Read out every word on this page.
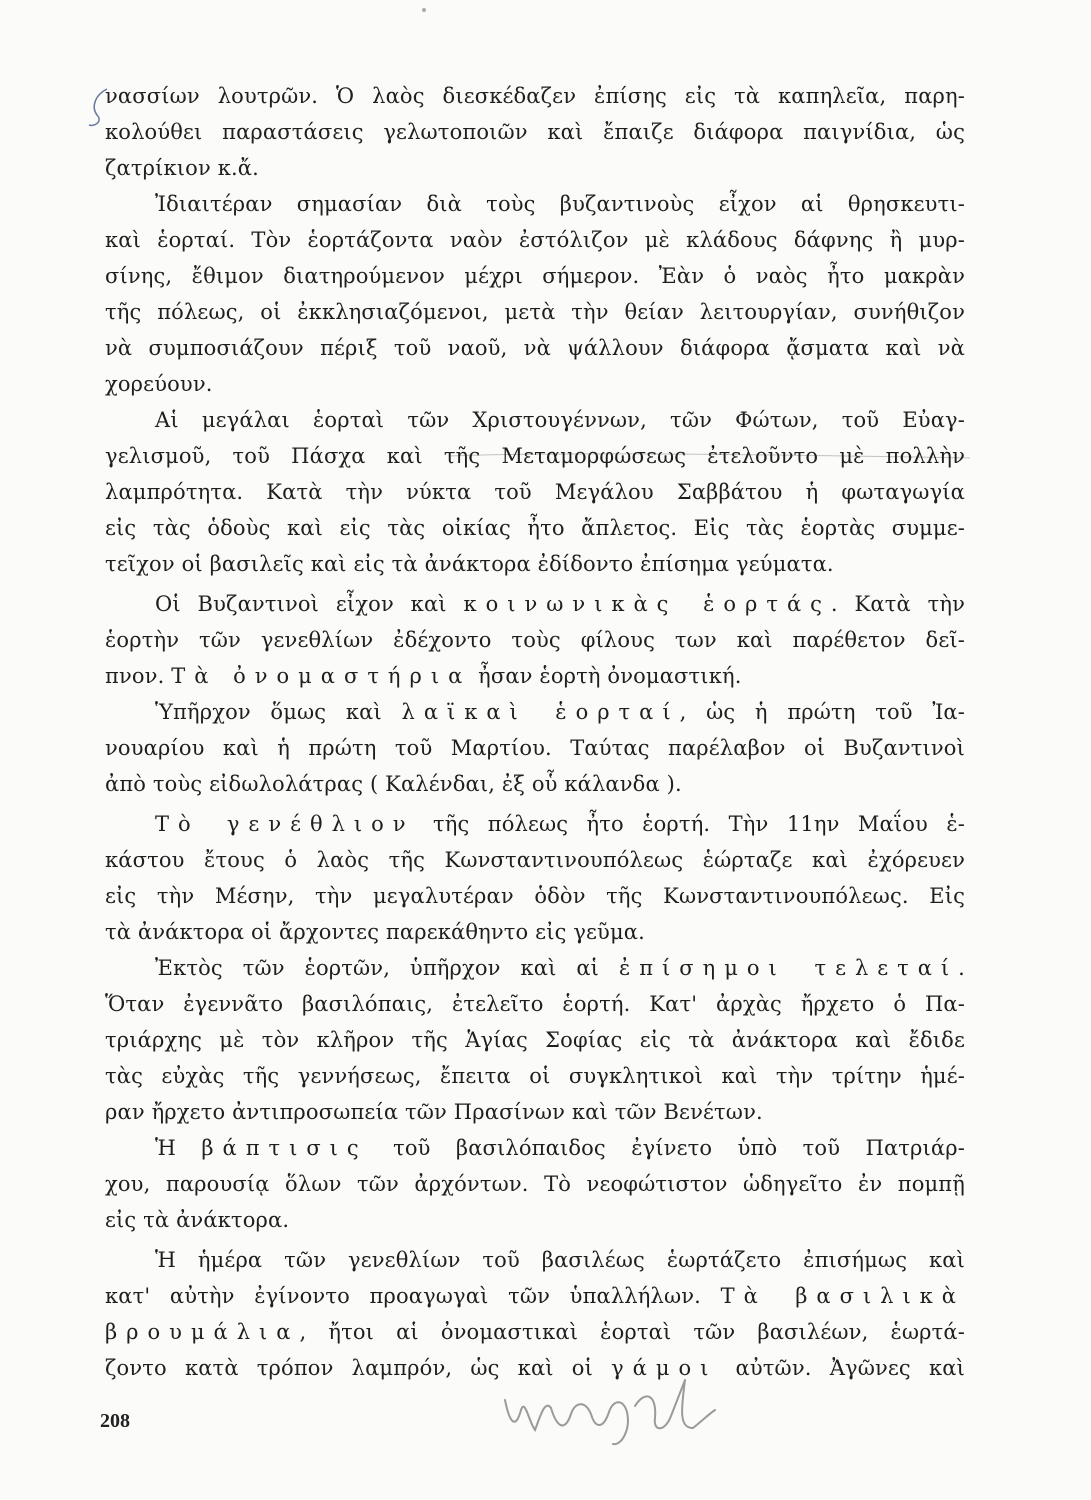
νασσίων λουτρῶν. Ὁ λαὸς διεσκέδαζεν ἐπίσης εἰς τὰ καπηλεῖα, παρη-
κολούθει παραστάσεις γελωτοποιῶν καὶ ἔπαιζε διάφορα παιγνίδια, ὡς
ζατρίκιον κ.ἄ.
Ἰδιαιτέραν σημασίαν διὰ τοὺς βυζαντινοὺς εἶχον αἱ θρησκευτι-
καὶ ἑορταί. Τὸν ἑορτάζοντα ναὸν ἐστόλιζον μὲ κλάδους δάφνης ἢ μυρ-
σίνης, ἔθιμον διατηρούμενον μέχρι σήμερον. Ἐὰν ὁ ναὸς ἦτο μακρὰν
τῆς πόλεως, οἱ ἐκκλησιαζόμενοι, μετὰ τὴν θείαν λειτουργίαν, συνήθιζον
νὰ συμποσιάζουν πέριξ τοῦ ναοῦ, νὰ ψάλλουν διάφορα ᾄσματα καὶ νὰ
χορεύουν.
Αἱ μεγάλαι ἑορταὶ τῶν Χριστουγέννων, τῶν Φώτων, τοῦ Εὐαγ-
γελισμοῦ, τοῦ Πάσχα καὶ τῆς Μεταμορφώσεως ἐτελοῦντο μὲ πολλὴν
λαμπρότητα. Κατὰ τὴν νύκτα τοῦ Μεγάλου Σαββάτου ἡ φωταγωγία
εἰς τὰς ὁδοὺς καὶ εἰς τὰς οἰκίας ἦτο ἄπλετος. Εἰς τὰς ἑορτὰς συμμε-
τεῖχον οἱ βασιλεῖς καὶ εἰς τὰ ἀνάκτορα ἐδίδοντο ἐπίσημα γεύματα.
Οἱ Βυζαντινοὶ εἶχον καὶ κοινωνικὰς ἑορτάς. Κατὰ τὴν
ἑορτὴν τῶν γενεθλίων ἐδέχοντο τοὺς φίλους των καὶ παρέθετον δεῖ-
πνον. Τὰ ὀνομαστήρια ἦσαν ἑορτὴ ὀνομαστική.
Ὑπῆρχον ὅμως καὶ λαϊκαὶ ἑορταί, ὡς ἡ πρώτη τοῦ Ἰα-
νουαρίου καὶ ἡ πρώτη τοῦ Μαρτίου. Ταύτας παρέλαβον οἱ Βυζαντινοὶ
ἀπὸ τοὺς εἰδωλολάτρας ( Καλένδαι, ἐξ οὗ κάλανδα ).
Τὸ γενέθλιον τῆς πόλεως ἦτο ἑορτή. Τὴν 11ην Μαΐου ἑ-
κάστου ἔτους ὁ λαὸς τῆς Κωνσταντινουπόλεως ἑώρταζε καὶ ἐχόρευεν
εἰς τὴν Μέσην, τὴν μεγαλυτέραν ὁδὸν τῆς Κωνσταντινουπόλεως. Εἰς
τὰ ἀνάκτορα οἱ ἄρχοντες παρεκάθηντο εἰς γεῦμα.
Ἐκτὸς τῶν ἑορτῶν, ὑπῆρχον καὶ αἱ ἐπίσημοι τελεταί.
Ὅταν ἐγεννᾶτο βασιλόπαις, ἐτελεῖτο ἑορτή. Κατ' ἀρχὰς ἤρχετο ὁ Πα-
τριάρχης μὲ τὸν κλῆρον τῆς Ἁγίας Σοφίας εἰς τὰ ἀνάκτορα καὶ ἔδιδε
τὰς εὐχὰς τῆς γεννήσεως, ἔπειτα οἱ συγκλητικοὶ καὶ τὴν τρίτην ἡμέ-
ραν ἤρχετο ἀντιπροσωπεία τῶν Πρασίνων καὶ τῶν Βενέτων.
Ἡ βάπτισις τοῦ βασιλόπαιδος ἐγίνετο ὑπὸ τοῦ Πατριάρ-
χου, παρουσίᾳ ὅλων τῶν ἀρχόντων. Τὸ νεοφώτιστον ὡδηγεῖτο ἐν πομπῇ
εἰς τὰ ἀνάκτορα.
Ἡ ἡμέρα τῶν γενεθλίων τοῦ βασιλέως ἑωρτάζετο ἐπισήμως καὶ
κατ' αὐτὴν ἐγίνοντο προαγωγαὶ τῶν ὑπαλλήλων. Τὰ βασιλικὰ
βρουμάλια, ἤτοι αἱ ὀνομαστικαὶ ἑορταὶ τῶν βασιλέων, ἑωρτά-
ζοντο κατὰ τρόπον λαμπρόν, ὡς καὶ οἱ γάμοι αὐτῶν. Ἀγῶνες καὶ
208
